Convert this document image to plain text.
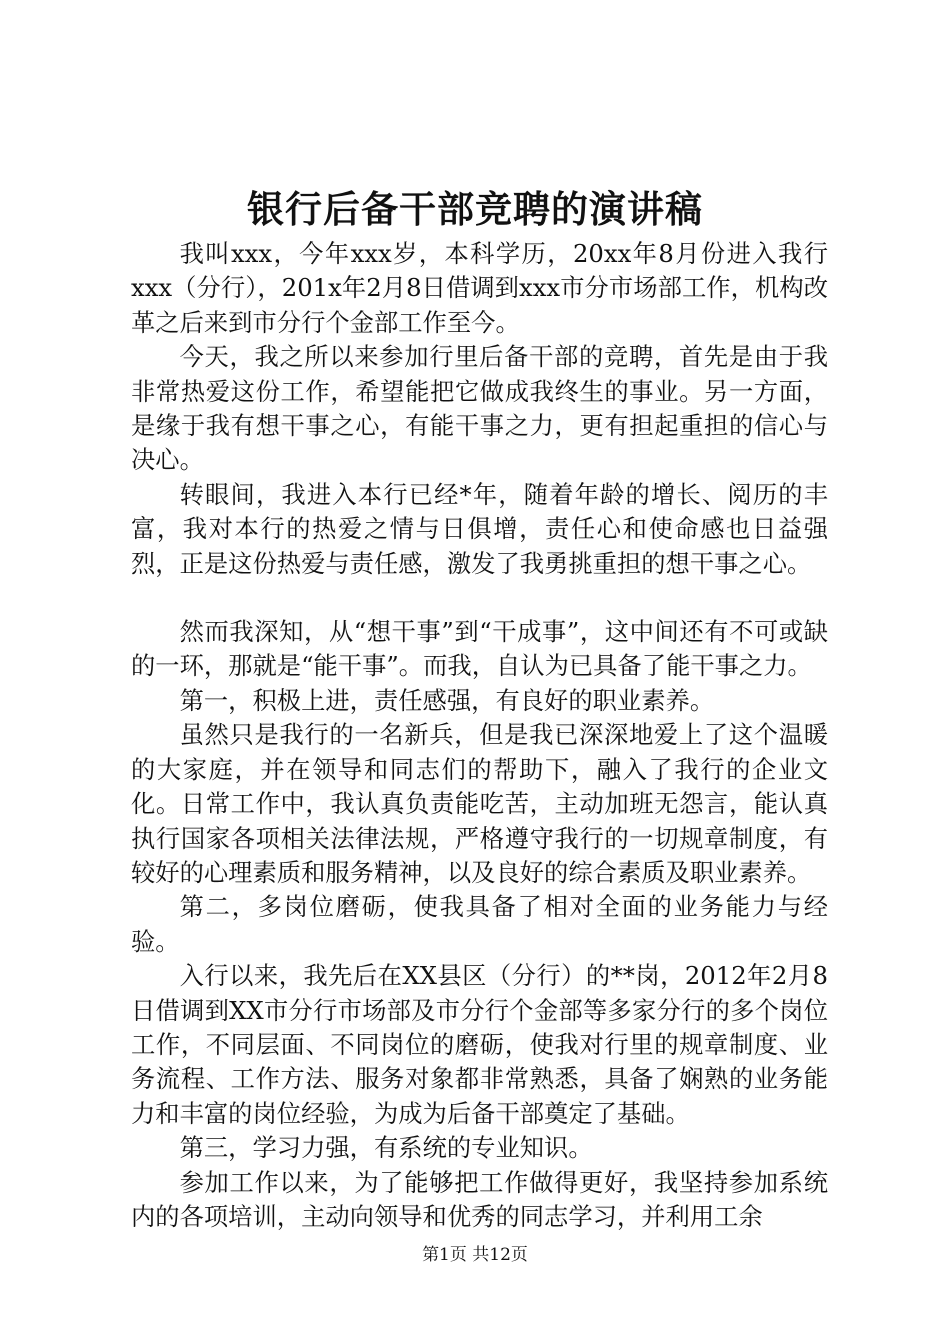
银行后备干部竞聘的演讲稿

我叫xxx，今年xxx岁，本科学历，20xx年8月份进入我行xxx（分行），201x年2月8日借调到xxx市分市场部工作，机构改革之后来到市分行个金部工作至今。

今天，我之所以来参加行里后备干部的竞聘，首先是由于我非常热爱这份工作，希望能把它做成我终生的事业。另一方面，是缘于我有想干事之心，有能干事之力，更有担起重担的信心与决心。

转眼间，我进入本行已经*年，随着年龄的增长、阅历的丰富，我对本行的热爱之情与日俱增，责任心和使命感也日益强烈，正是这份热爱与责任感，激发了我勇挑重担的想干事之心。

然而我深知，从“想干事”到“干成事”，这中间还有不可或缺的一环，那就是“能干事”。而我，自认为已具备了能干事之力。

第一，积极上进，责任感强，有良好的职业素养。

虽然只是我行的一名新兵，但是我已深深地爱上了这个温暖的大家庭，并在领导和同志们的帮助下，融入了我行的企业文化。日常工作中，我认真负责能吃苦，主动加班无怨言，能认真执行国家各项相关法律法规，严格遵守我行的一切规章制度，有较好的心理素质和服务精神，以及良好的综合素质及职业素养。

第二，多岗位磨砺，使我具备了相对全面的业务能力与经验。

入行以来，我先后在XX县区（分行）的**岗，2012年2月8日借调到XX市分行市场部及市分行个金部等多家分行的多个岗位工作，不同层面、不同岗位的磨砺，使我对行里的规章制度、业务流程、工作方法、服务对象都非常熟悉，具备了娴熟的业务能力和丰富的岗位经验，为成为后备干部奠定了基础。

第三，学习力强，有系统的专业知识。

参加工作以来，为了能够把工作做得更好，我坚持参加系统内的各项培训，主动向领导和优秀的同志学习，并利用工余

第1页 共12页
